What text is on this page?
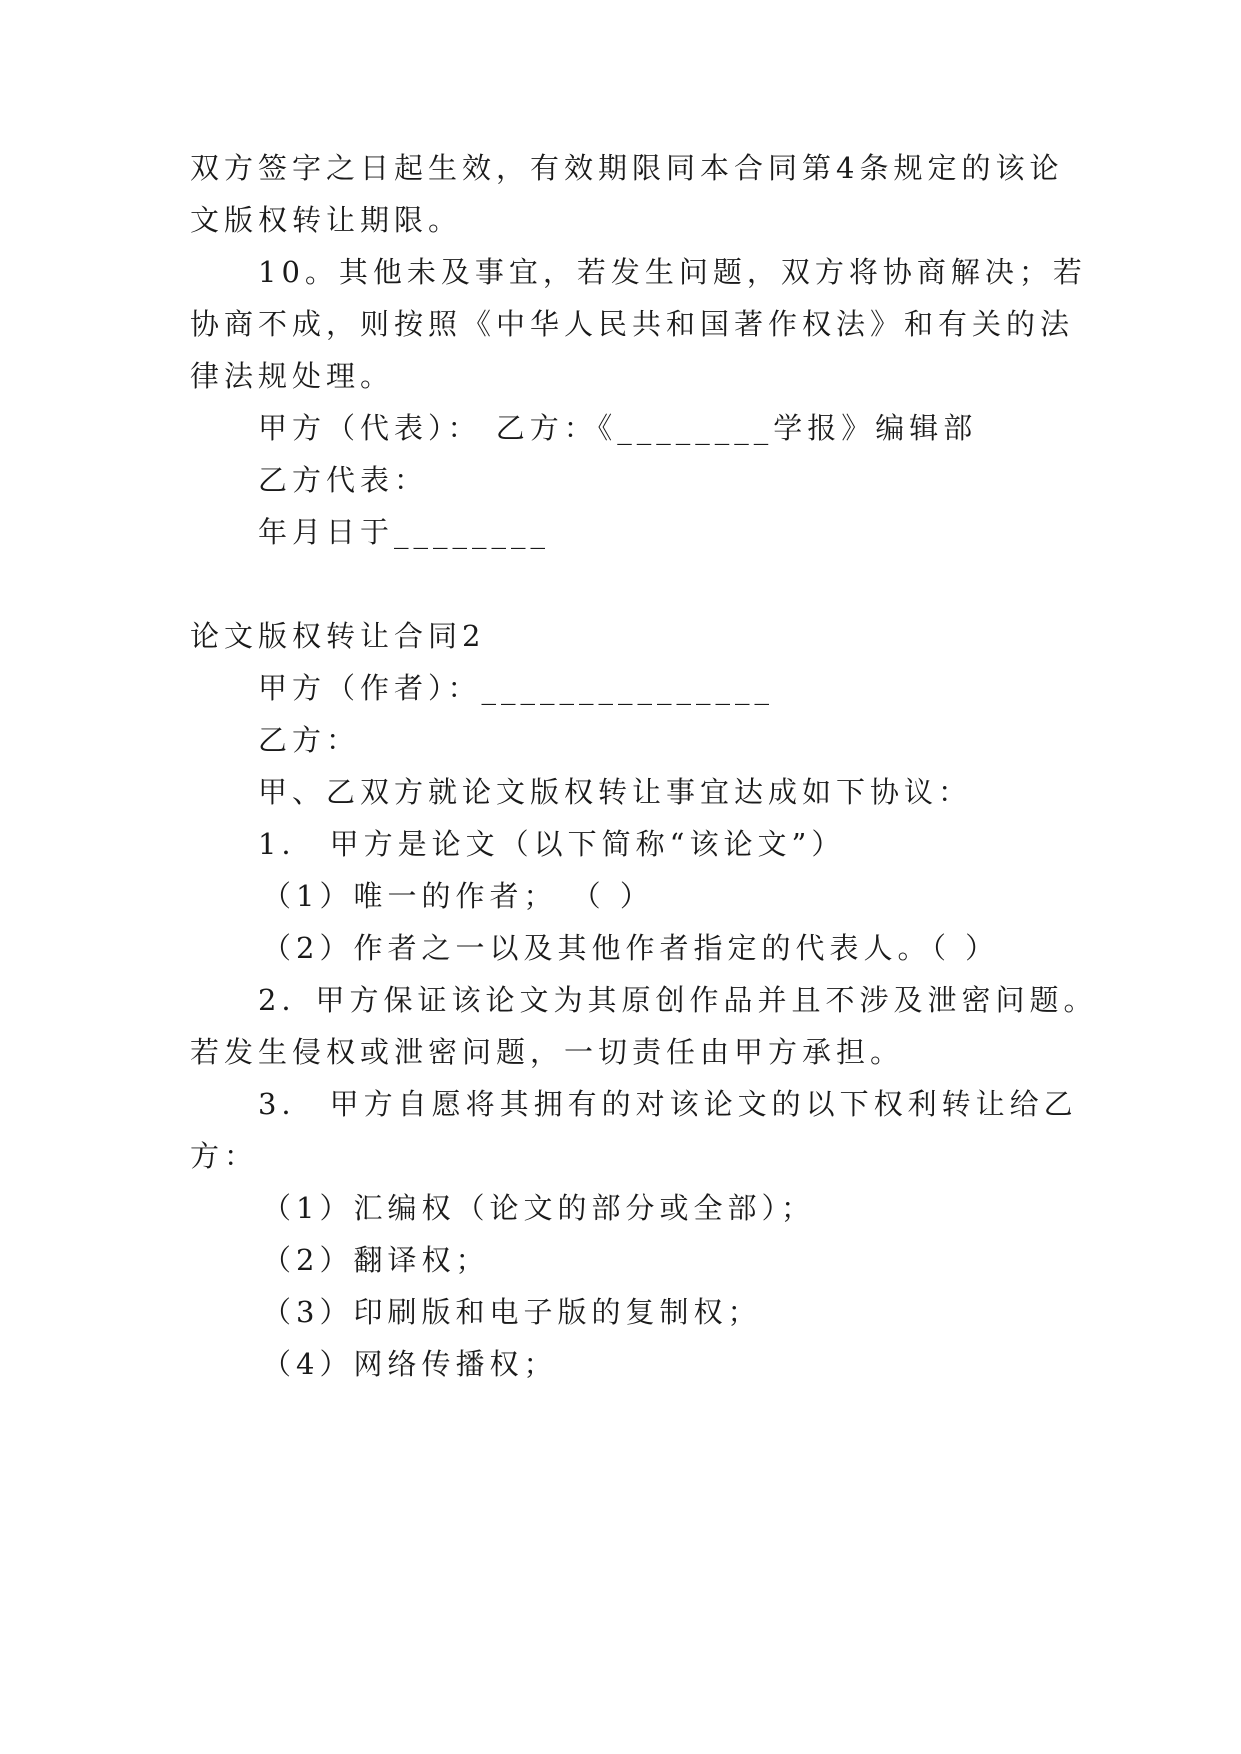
双方签字之日起生效，有效期限同本合同第4条规定的该论
文版权转让期限。
10。其他未及事宜，若发生问题，双方将协商解决；若
协商不成，则按照《中华人民共和国著作权法》和有关的法
律法规处理。
甲方（代表）： 乙方：《________学报》编辑部
乙方代表：
年月日于________
论文版权转让合同2
甲方（作者）：_______________
乙方：
甲、乙双方就论文版权转让事宜达成如下协议：
1． 甲方是论文（以下简称“该论文”）
（1）唯一的作者； （ ）
（2）作者之一以及其他作者指定的代表人。（ ）
2．甲方保证该论文为其原创作品并且不涉及泄密问题。
若发生侵权或泄密问题，一切责任由甲方承担。
3． 甲方自愿将其拥有的对该论文的以下权利转让给乙
方：
（1）汇编权（论文的部分或全部）；
（2）翻译权；
（3）印刷版和电子版的复制权；
（4）网络传播权；
